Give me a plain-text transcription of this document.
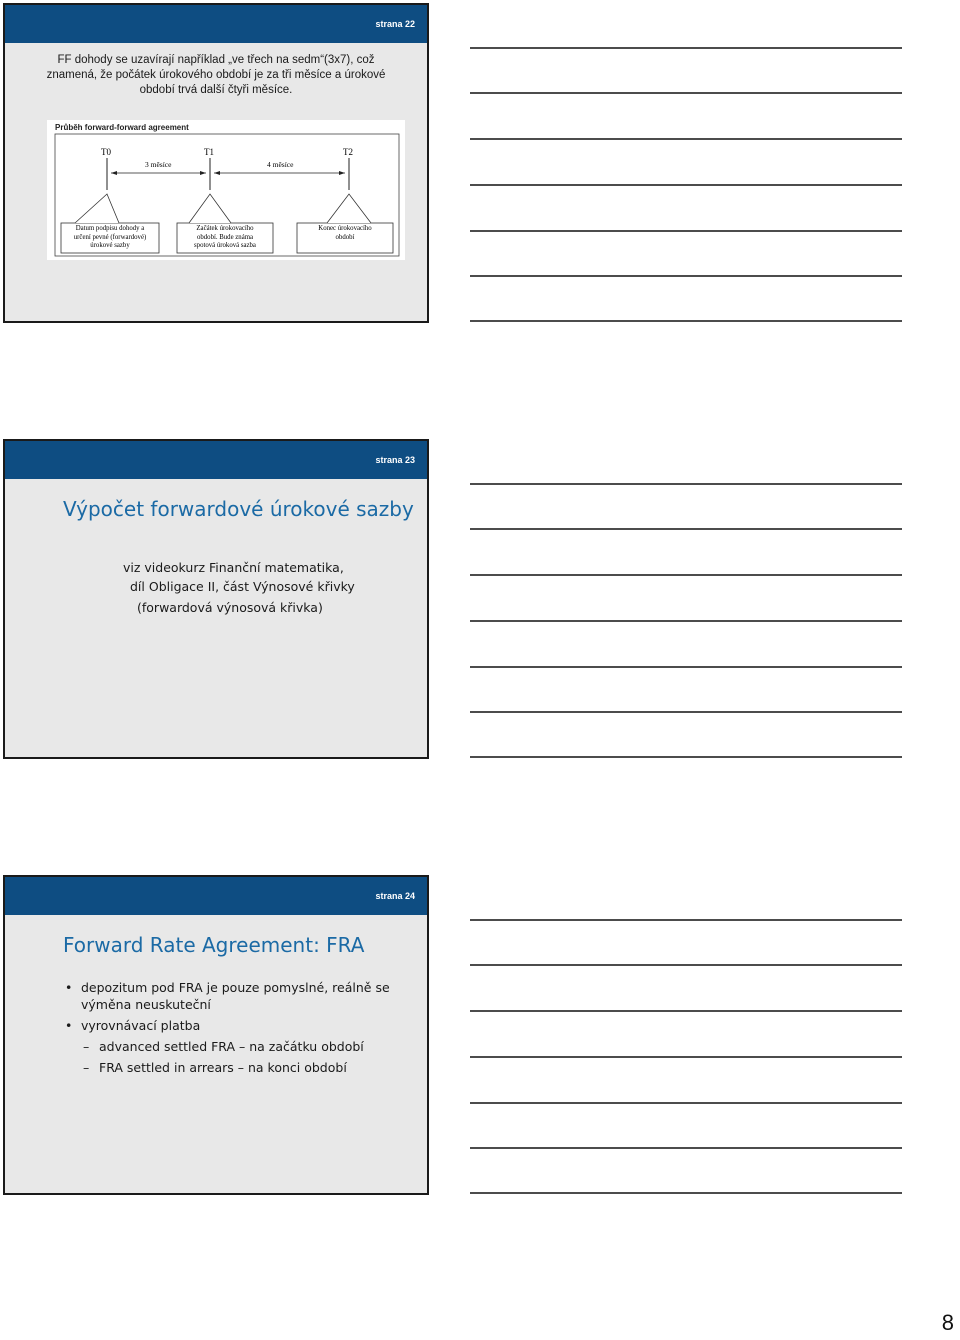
strana 22
FF dohody se uzavírají například „ve třech na sedm“(3x7), což
znamená, že počátek úrokového období je za tři měsíce a úrokové
období trvá další čtyři měsíce.
Průběh forward-forward agreement
T0	T1	T2
3 měsíce	4 měsíce
Datum podpisu dohody a
určení pevné (forwardové)
úrokové sazby
Začátek úrokovacího
období. Bude známa
spotová úroková sazba
Konec úrokovacího
období
strana 23
Výpočet forwardové úrokové sazby
viz videokurz Finanční matematika,
díl Obligace II, část Výnosové křivky
(forwardová výnosová křivka)
strana 24
Forward Rate Agreement: FRA
• depozitum pod FRA je pouze pomyslné, reálně se výměna neuskuteční
• vyrovnávací platba
– advanced settled FRA – na začátku období
– FRA settled in arrears – na konci období
8
